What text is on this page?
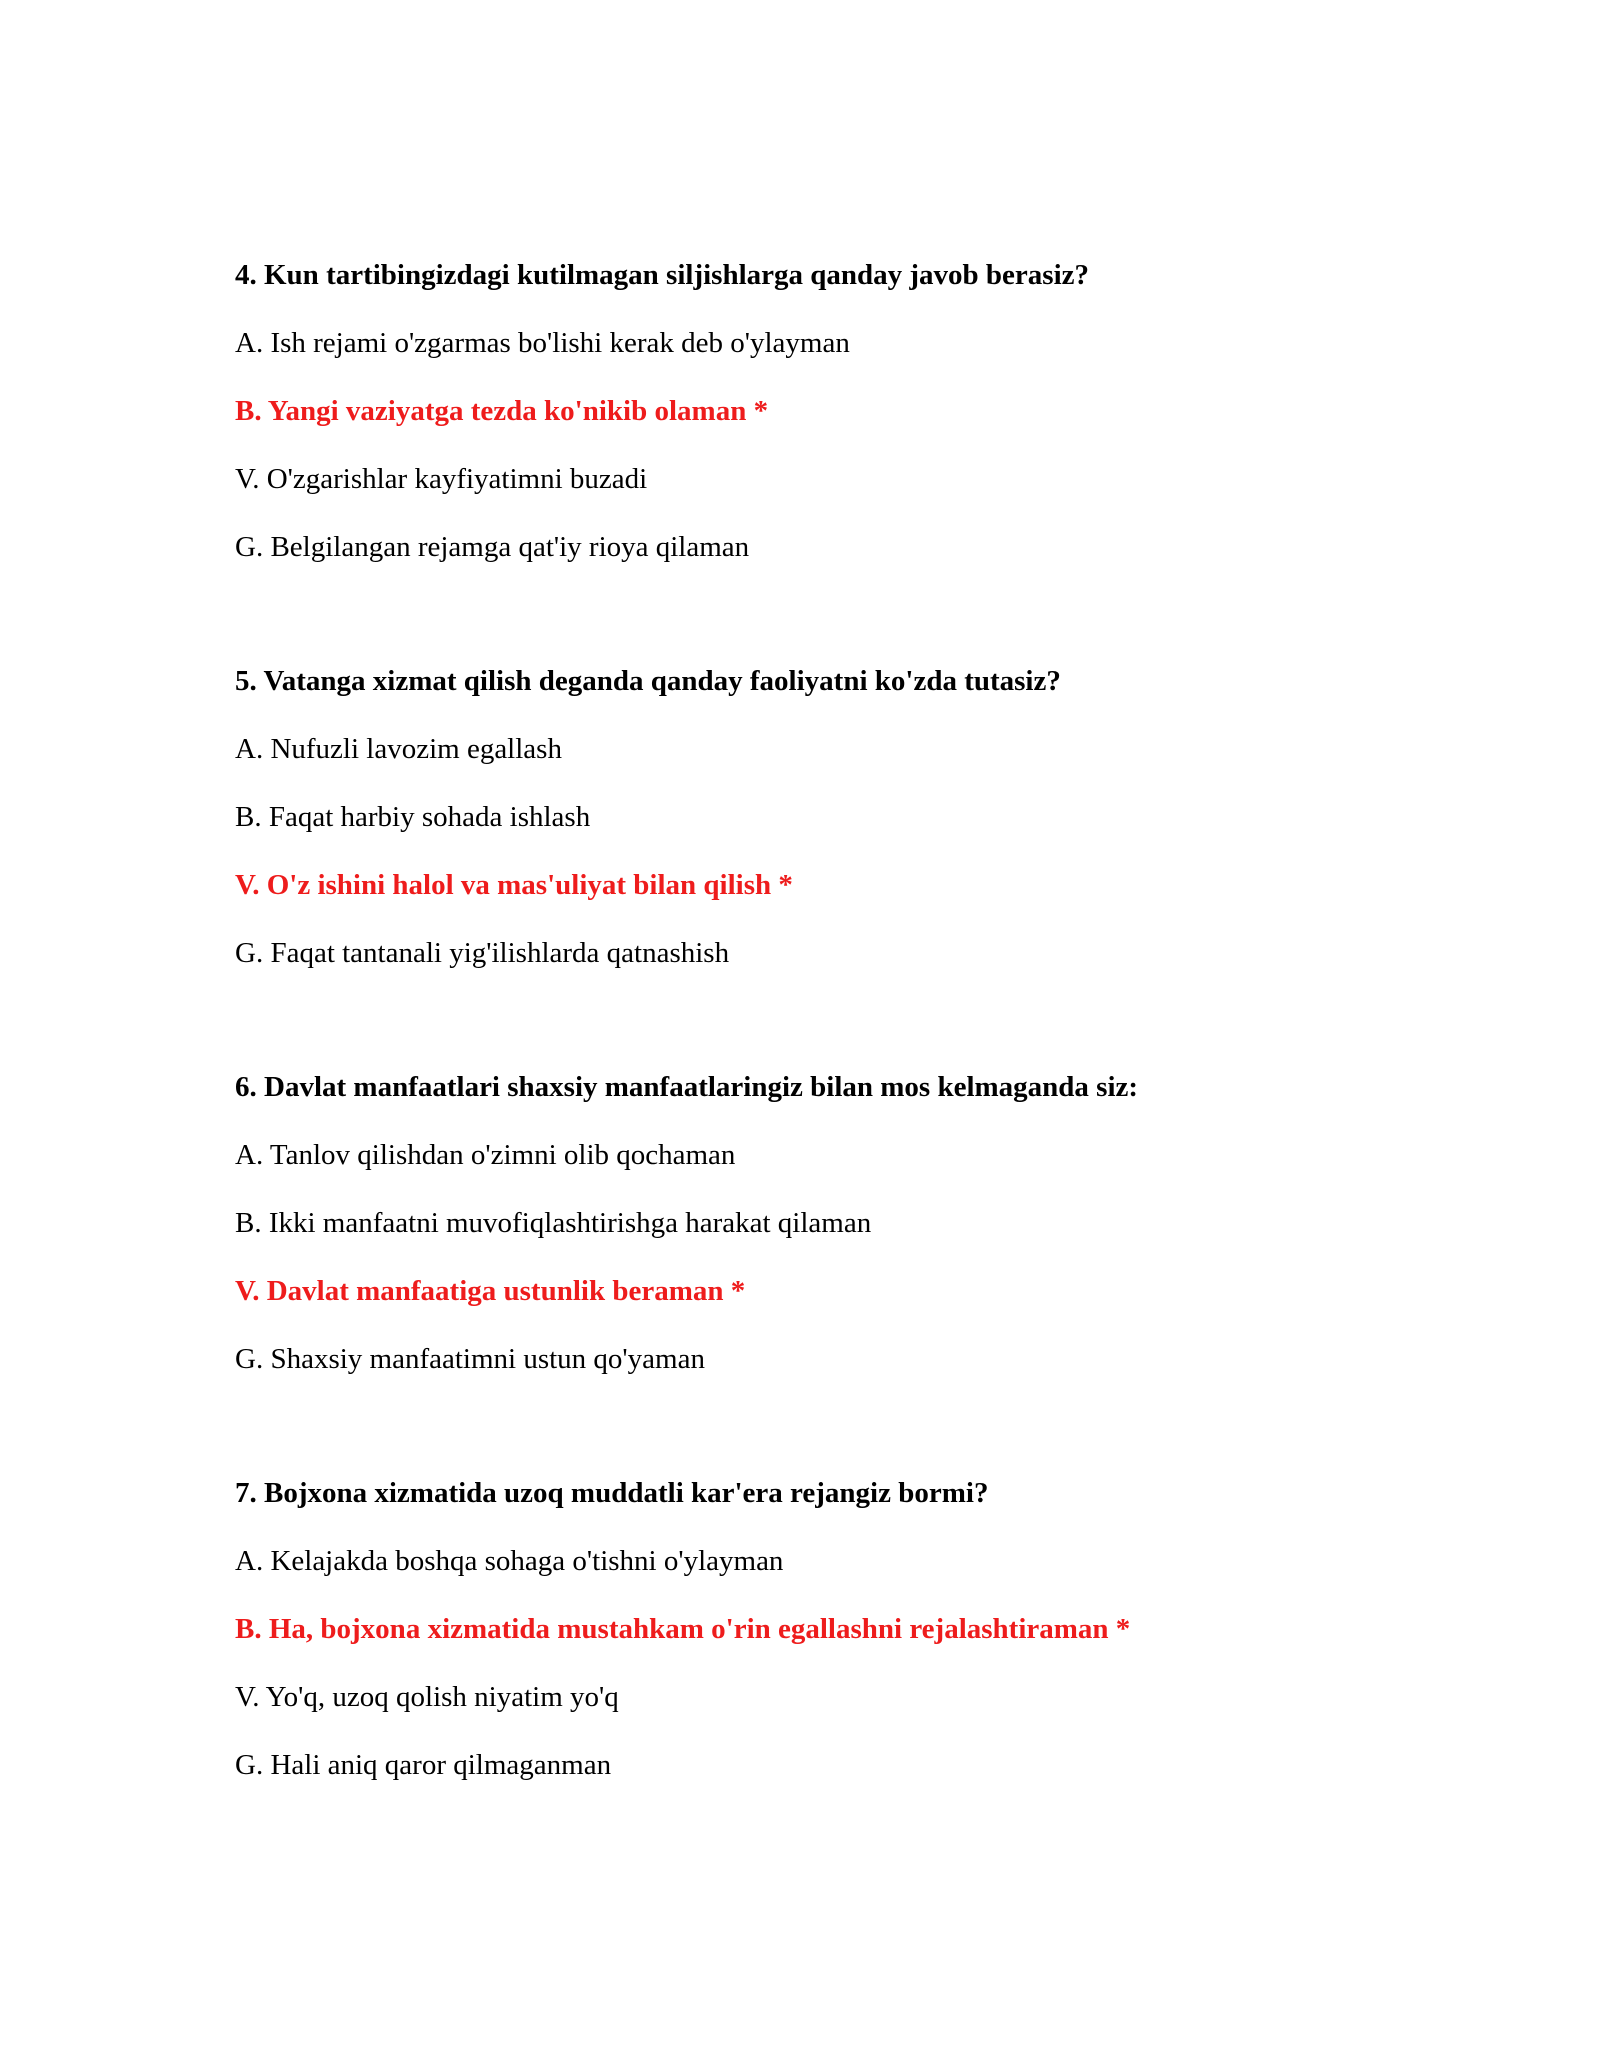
4. Kun tartibingizdagi kutilmagan siljishlarga qanday javob berasiz?
A. Ish rejami o'zgarmas bo'lishi kerak deb o'ylayman
B. Yangi vaziyatga tezda ko'nikib olaman *
V. O'zgarishlar kayfiyatimni buzadi
G. Belgilangan rejamga qat'iy rioya qilaman
5. Vatanga xizmat qilish deganda qanday faoliyatni ko'zda tutasiz?
A. Nufuzli lavozim egallash
B. Faqat harbiy sohada ishlash
V. O'z ishini halol va mas'uliyat bilan qilish *
G. Faqat tantanali yig'ilishlarda qatnashish
6. Davlat manfaatlari shaxsiy manfaatlaringiz bilan mos kelmaganda siz:
A. Tanlov qilishdan o'zimni olib qochaman
B. Ikki manfaatni muvofiqlashtirishga harakat qilaman
V. Davlat manfaatiga ustunlik beraman *
G. Shaxsiy manfaatimni ustun qo'yaman
7. Bojxona xizmatida uzoq muddatli kar'era rejangiz bormi?
A. Kelajakda boshqa sohaga o'tishni o'ylayman
B. Ha, bojxona xizmatida mustahkam o'rin egallashni rejalashtiraman *
V. Yo'q, uzoq qolish niyatim yo'q
G. Hali aniq qaror qilmaganman
